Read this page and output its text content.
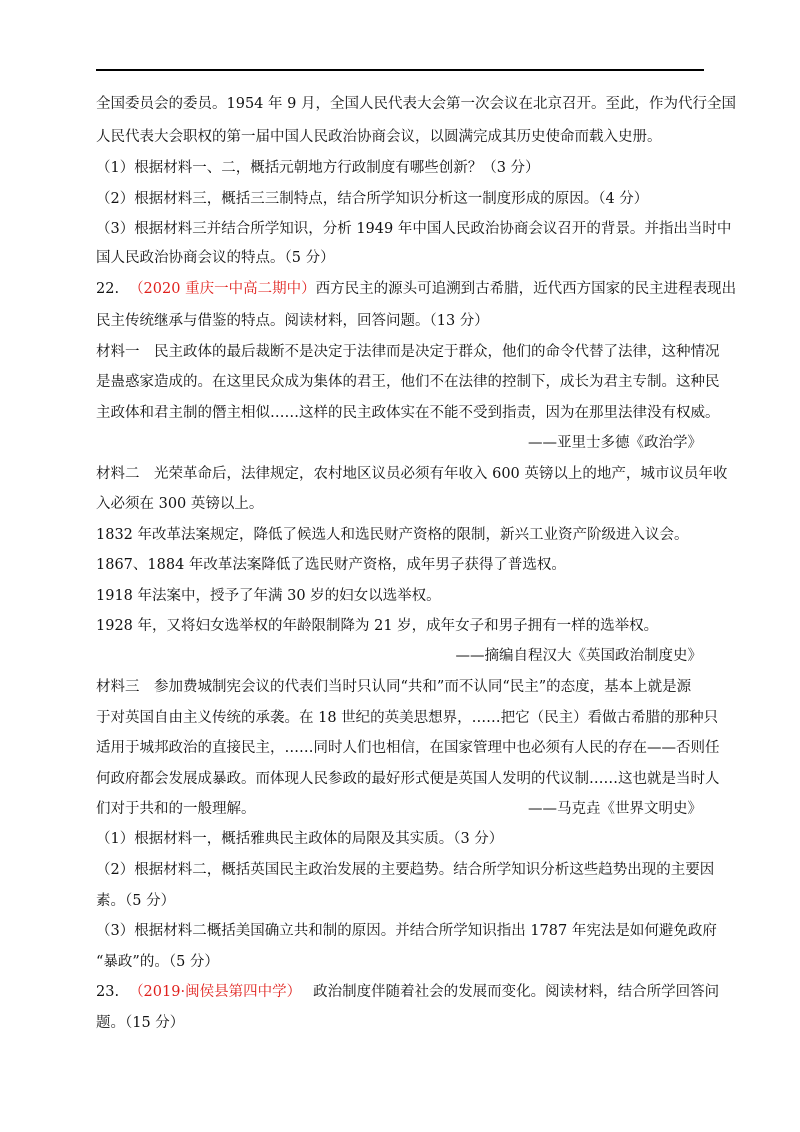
全国委员会的委员。1954 年 9 月，全国人民代表大会第一次会议在北京召开。至此，作为代行全国
人民代表大会职权的第一届中国人民政治协商会议，以圆满完成其历史使命而载入史册。
（1）根据材料一、二，概括元朝地方行政制度有哪些创新？（3 分）
（2）根据材料三，概括三三制特点，结合所学知识分析这一制度形成的原因。（4 分）
（3）根据材料三并结合所学知识，分析 1949 年中国人民政治协商会议召开的背景。并指出当时中
国人民政治协商会议的特点。（5 分）
22. （2020 重庆一中高二期中）西方民主的源头可追溯到古希腊，近代西方国家的民主进程表现出
民主传统继承与借鉴的特点。阅读材料，回答问题。（13 分）
材料一　民主政体的最后裁断不是决定于法律而是决定于群众，他们的命令代替了法律，这种情况
是蛊惑家造成的。在这里民众成为集体的君王，他们不在法律的控制下，成长为君主专制。这种民
主政体和君主制的僭主相似……这样的民主政体实在不能不受到指责，因为在那里法律没有权威。
——亚里士多德《政治学》
材料二　光荣革命后，法律规定，农村地区议员必须有年收入 600 英镑以上的地产，城市议员年收
入必须在 300 英镑以上。
1832 年改革法案规定，降低了候选人和选民财产资格的限制，新兴工业资产阶级进入议会。
1867、1884 年改革法案降低了选民财产资格，成年男子获得了普选权。
1918 年法案中，授予了年满 30 岁的妇女以选举权。
1928 年，又将妇女选举权的年龄限制降为 21 岁，成年女子和男子拥有一样的选举权。
——摘编自程汉大《英国政治制度史》
材料三　参加费城制宪会议的代表们当时只认同“共和”而不认同“民主”的态度，基本上就是源
于对英国自由主义传统的承袭。在 18 世纪的英美思想界，……把它（民主）看做古希腊的那种只
适用于城邦政治的直接民主，……同时人们也相信，在国家管理中也必须有人民的存在——否则任
何政府都会发展成暴政。而体现人民参政的最好形式便是英国人发明的代议制……这也就是当时人
们对于共和的一般理解。	——马克垚《世界文明史》
（1）根据材料一，概括雅典民主政体的局限及其实质。（3 分）
（2）根据材料二，概括英国民主政治发展的主要趋势。结合所学知识分析这些趋势出现的主要因
素。（5 分）
（3）根据材料二概括美国确立共和制的原因。并结合所学知识指出 1787 年宪法是如何避免政府
“暴政”的。（5 分）
23. （2019·闽侯县第四中学） 政治制度伴随着社会的发展而变化。阅读材料，结合所学回答问
题。（15 分）
